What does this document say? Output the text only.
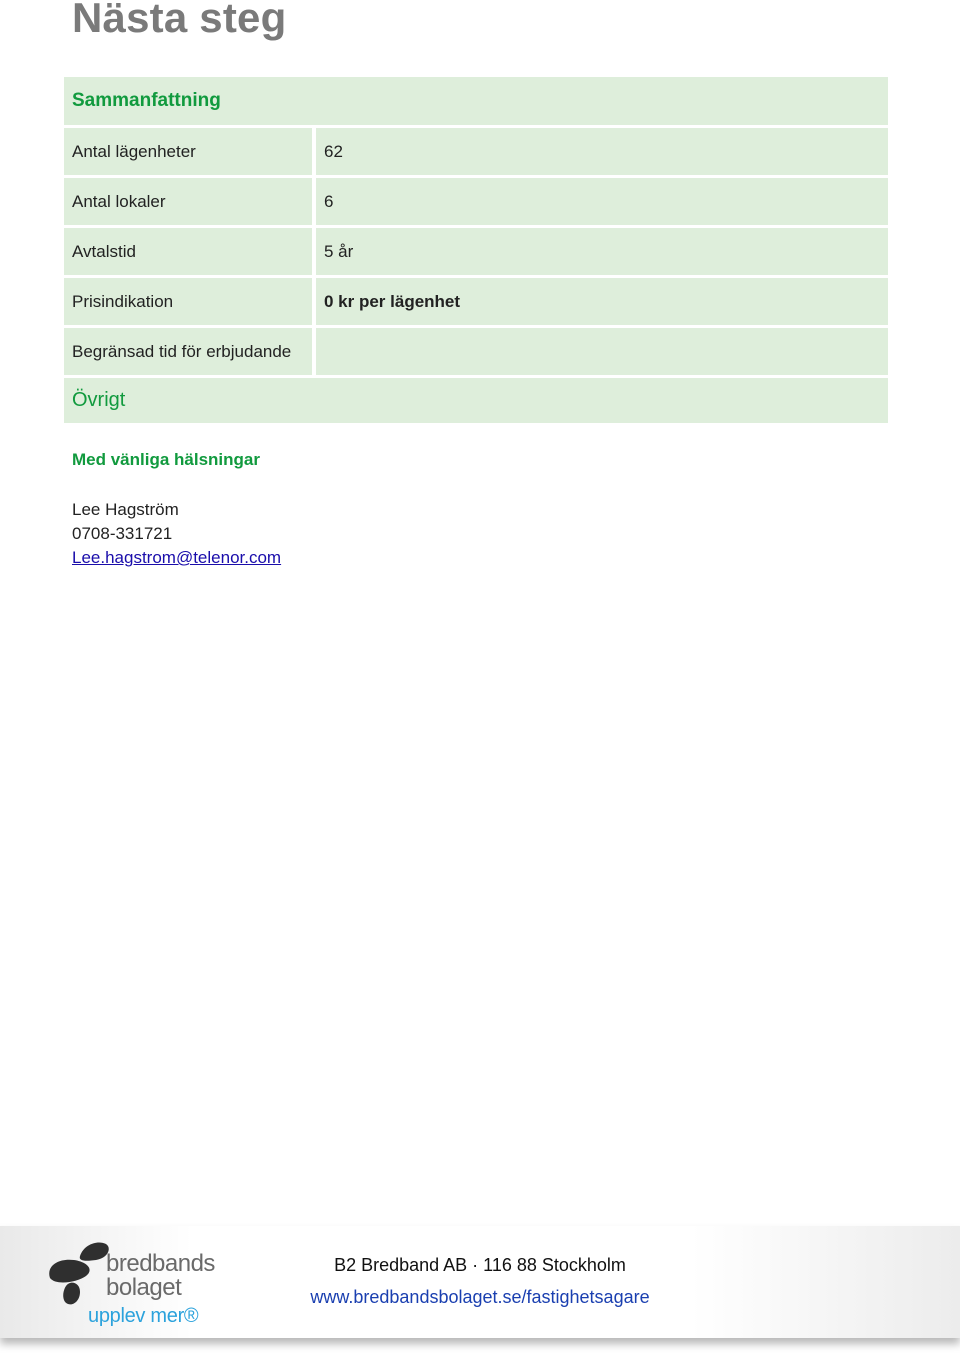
Nästa steg
Sammanfattning
Antal lägenheter	62
Antal lokaler	6
Avtalstid	5 år
Prisindikation	0 kr per lägenhet
Begränsad tid för erbjudande
Övrigt
Med vänliga hälsningar
Lee Hagström
0708-331721
Lee.hagstrom@telenor.com
bredbands
bolaget
upplev mer®
B2 Bredband AB · 116 88 Stockholm
www.bredbandsbolaget.se/fastighetsagare
